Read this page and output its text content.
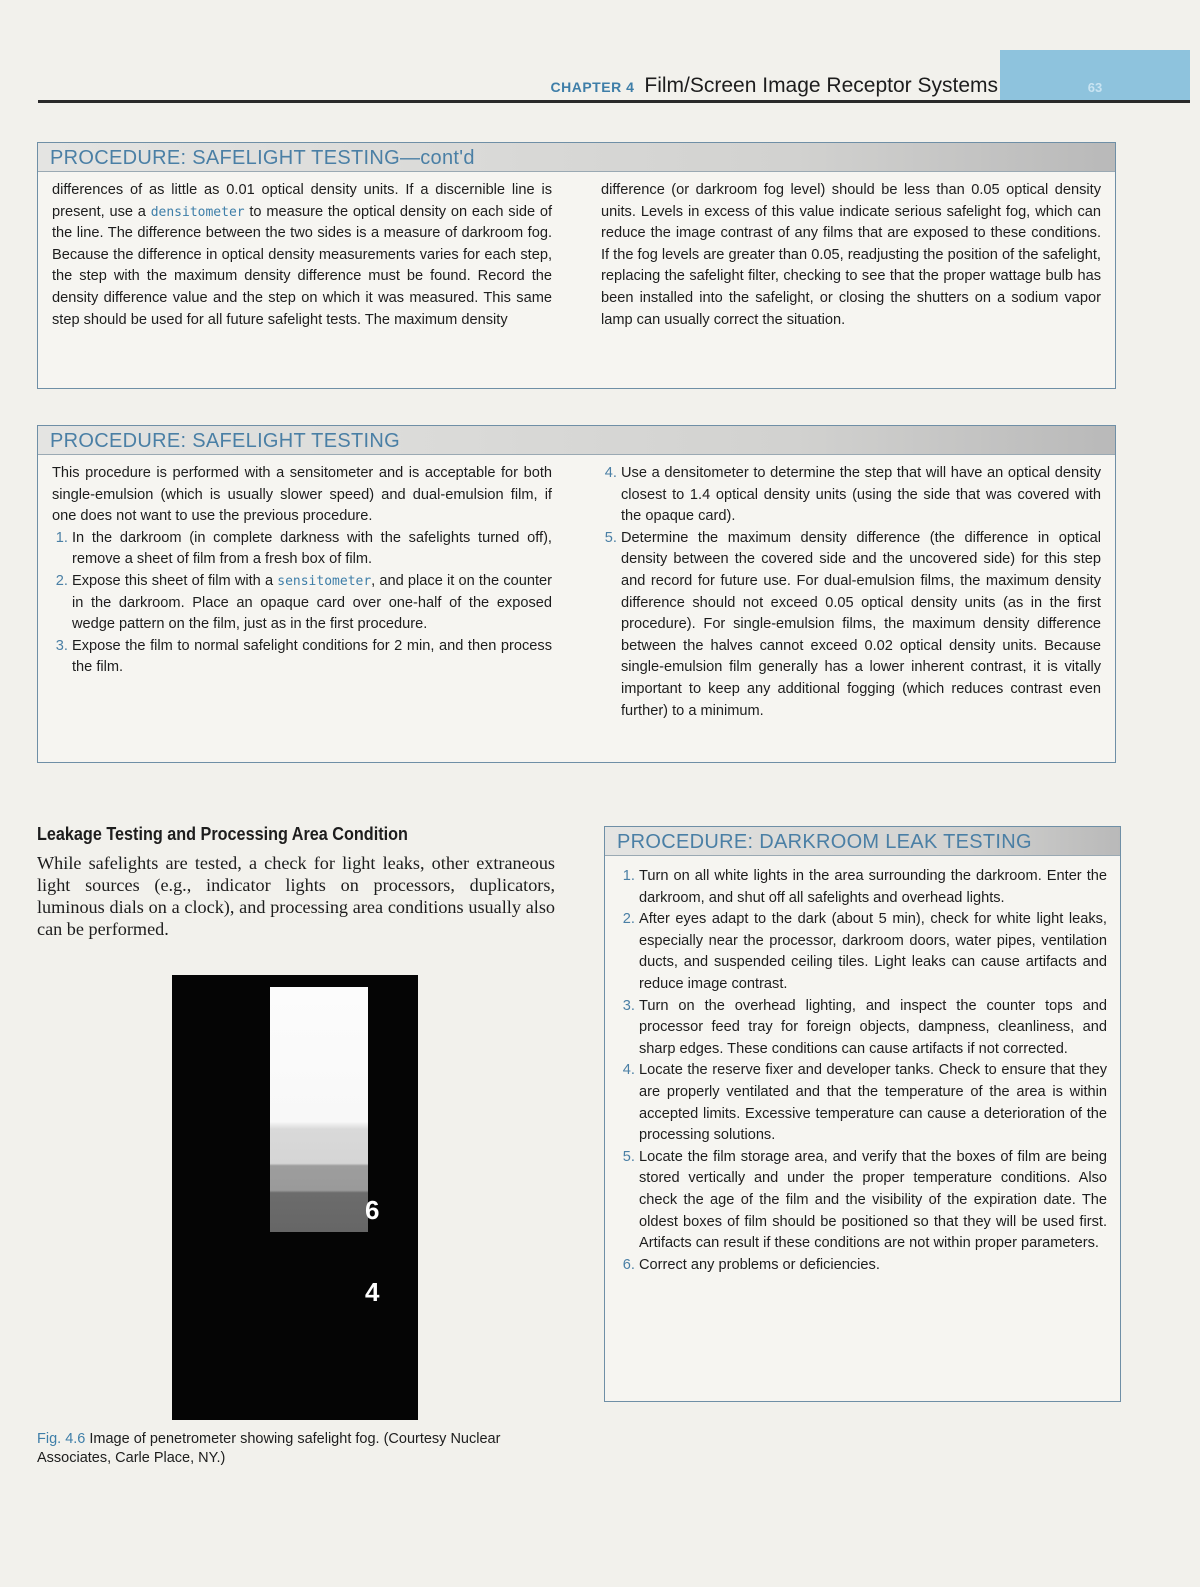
CHAPTER 4 Film/Screen Image Receptor Systems	63
PROCEDURE: SAFELIGHT TESTING—cont'd

differences of as little as 0.01 optical density units. If a discernible line is present, use a densitometer to measure the optical density on each side of the line. The difference between the two sides is a measure of darkroom fog. Because the difference in optical density measurements varies for each step, the step with the maximum density difference must be found. Record the density difference value and the step on which it was measured. This same step should be used for all future safelight tests. The maximum density

difference (or darkroom fog level) should be less than 0.05 optical density units. Levels in excess of this value indicate serious safelight fog, which can reduce the image contrast of any films that are exposed to these conditions. If the fog levels are greater than 0.05, readjusting the position of the safelight, replacing the safelight filter, checking to see that the proper wattage bulb has been installed into the safelight, or closing the shutters on a sodium vapor lamp can usually correct the situation.

PROCEDURE: SAFELIGHT TESTING

This procedure is performed with a sensitometer and is acceptable for both single-emulsion (which is usually slower speed) and dual-emulsion film, if one does not want to use the previous procedure.

1. In the darkroom (in complete darkness with the safelights turned off), remove a sheet of film from a fresh box of film.
2. Expose this sheet of film with a sensitometer, and place it on the counter in the darkroom. Place an opaque card over one-half of the exposed wedge pattern on the film, just as in the first procedure.
3. Expose the film to normal safelight conditions for 2 min, and then process the film.
4. Use a densitometer to determine the step that will have an optical density closest to 1.4 optical density units (using the side that was covered with the opaque card).
5. Determine the maximum density difference (the difference in optical density between the covered side and the uncovered side) for this step and record for future use. For dual-emulsion films, the maximum density difference should not exceed 0.05 optical density units (as in the first procedure). For single-emulsion films, the maximum density difference between the halves cannot exceed 0.02 optical density units. Because single-emulsion film generally has a lower inherent contrast, it is vitally important to keep any additional fogging (which reduces contrast even further) to a minimum.
Leakage Testing and Processing Area Condition
While safelights are tested, a check for light leaks, other extraneous light sources (e.g., indicator lights on processors, duplicators, luminous dials on a clock), and processing area conditions usually also can be performed.
6
4
Fig. 4.6 Image of penetrometer showing safelight fog. (Courtesy Nuclear Associates, Carle Place, NY.)
PROCEDURE: DARKROOM LEAK TESTING
1. Turn on all white lights in the area surrounding the darkroom. Enter the darkroom, and shut off all safelights and overhead lights.
2. After eyes adapt to the dark (about 5 min), check for white light leaks, especially near the processor, darkroom doors, water pipes, ventilation ducts, and suspended ceiling tiles. Light leaks can cause artifacts and reduce image contrast.
3. Turn on the overhead lighting, and inspect the counter tops and processor feed tray for foreign objects, dampness, cleanliness, and sharp edges. These conditions can cause artifacts if not corrected.
4. Locate the reserve fixer and developer tanks. Check to ensure that they are properly ventilated and that the temperature of the area is within accepted limits. Excessive temperature can cause a deterioration of the processing solutions.
5. Locate the film storage area, and verify that the boxes of film are being stored vertically and under the proper temperature conditions. Also check the age of the film and the visibility of the expiration date. The oldest boxes of film should be positioned so that they will be used first. Artifacts can result if these conditions are not within proper parameters.
6. Correct any problems or deficiencies.
